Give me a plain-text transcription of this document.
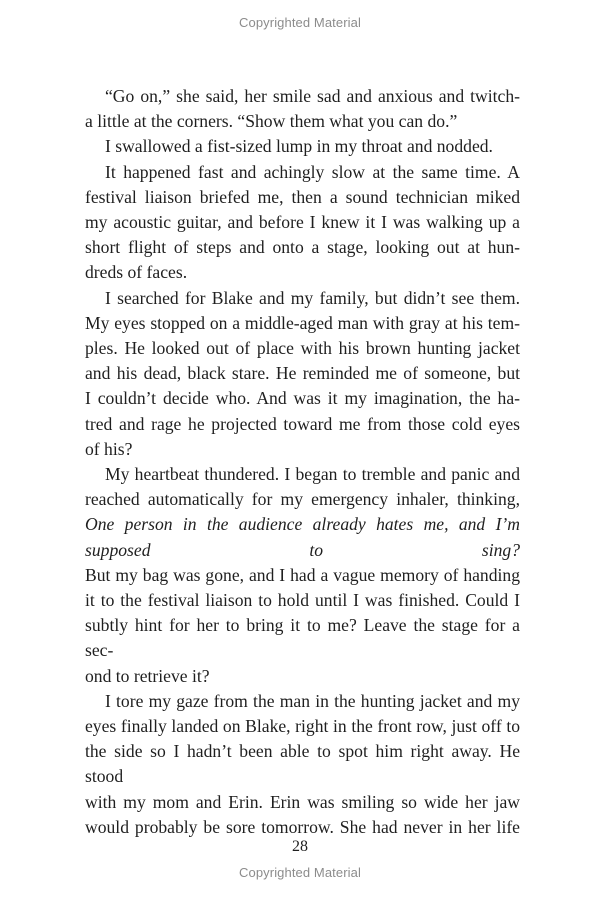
Copyrighted Material

“Go on,” she said, her smile sad and anxious and twitch-
a little at the corners. “Show them what you can do.”

I swallowed a fist-sized lump in my throat and nodded.

It happened fast and achingly slow at the same time. A
festival liaison briefed me, then a sound technician miked
my acoustic guitar, and before I knew it I was walking up a
short flight of steps and onto a stage, looking out at hun-
dreds of faces.

I searched for Blake and my family, but didn’t see them.
My eyes stopped on a middle-aged man with gray at his tem-
ples. He looked out of place with his brown hunting jacket
and his dead, black stare. He reminded me of someone, but
I couldn’t decide who. And was it my imagination, the ha-
tred and rage he projected toward me from those cold eyes
of his?

My heartbeat thundered. I began to tremble and panic and
reached automatically for my emergency inhaler, thinking,
One person in the audience already hates me, and I’m supposed to sing?
But my bag was gone, and I had a vague memory of handing
it to the festival liaison to hold until I was finished. Could I
subtly hint for her to bring it to me? Leave the stage for a sec-
ond to retrieve it?

I tore my gaze from the man in the hunting jacket and my
eyes finally landed on Blake, right in the front row, just off to
the side so I hadn’t been able to spot him right away. He stood
with my mom and Erin. Erin was smiling so wide her jaw
would probably be sore tomorrow. She had never in her life

28
Copyrighted Material
